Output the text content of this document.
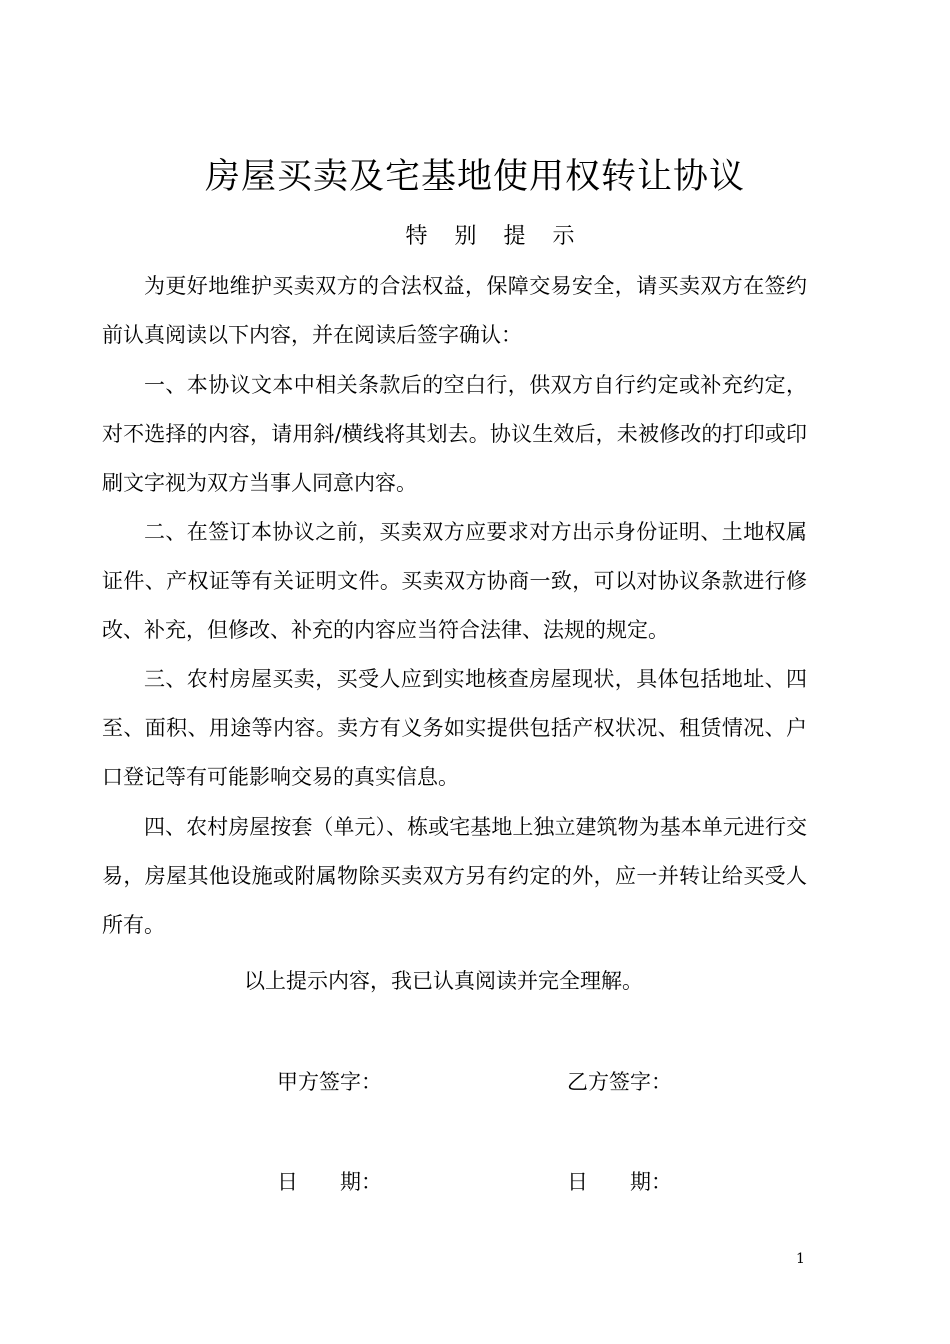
房屋买卖及宅基地使用权转让协议
特 别 提 示

为更好地维护买卖双方的合法权益，保障交易安全，请买卖双方在签约前认真阅读以下内容，并在阅读后签字确认：

一、本协议文本中相关条款后的空白行，供双方自行约定或补充约定，对不选择的内容，请用斜/横线将其划去。协议生效后，未被修改的打印或印刷文字视为双方当事人同意内容。

二、在签订本协议之前，买卖双方应要求对方出示身份证明、土地权属证件、产权证等有关证明文件。买卖双方协商一致，可以对协议条款进行修改、补充，但修改、补充的内容应当符合法律、法规的规定。

三、农村房屋买卖，买受人应到实地核查房屋现状，具体包括地址、四至、面积、用途等内容。卖方有义务如实提供包括产权状况、租赁情况、户口登记等有可能影响交易的真实信息。

四、农村房屋按套（单元）、栋或宅基地上独立建筑物为基本单元进行交易，房屋其他设施或附属物除买卖双方另有约定的外，应一并转让给买受人所有。

以上提示内容，我已认真阅读并完全理解。
甲方签字：	乙方签字：
日　　期：	日　　期：
1
